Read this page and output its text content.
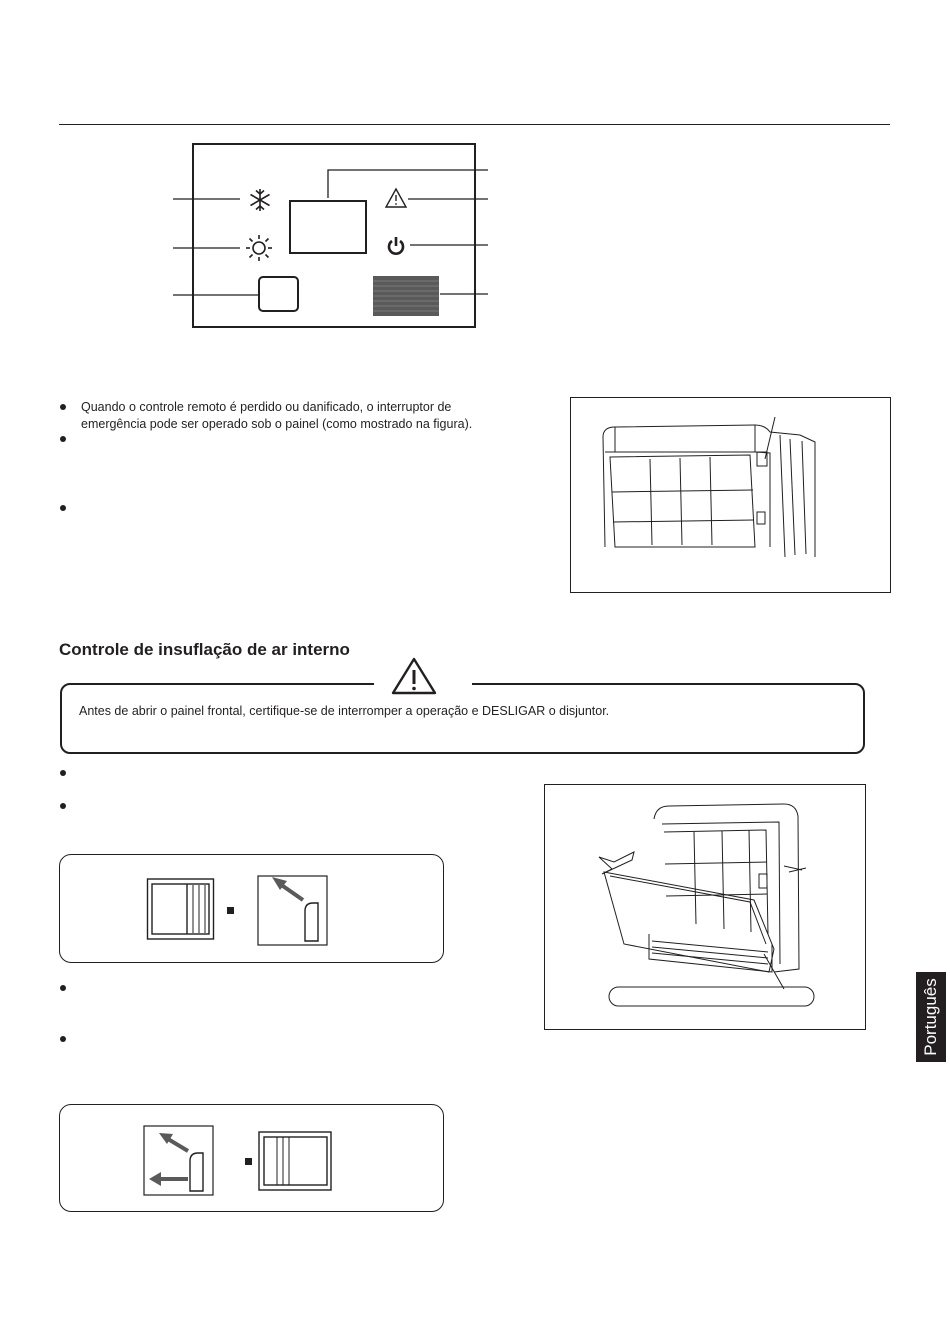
Quando o controle remoto é perdido ou danificado, o interruptor de
emergência pode ser operado sob o painel (como mostrado na figura).
Controle de insuflação de ar interno
Antes de abrir o painel frontal, certifique-se de interromper a operação e DESLIGAR o disjuntor.
Português
